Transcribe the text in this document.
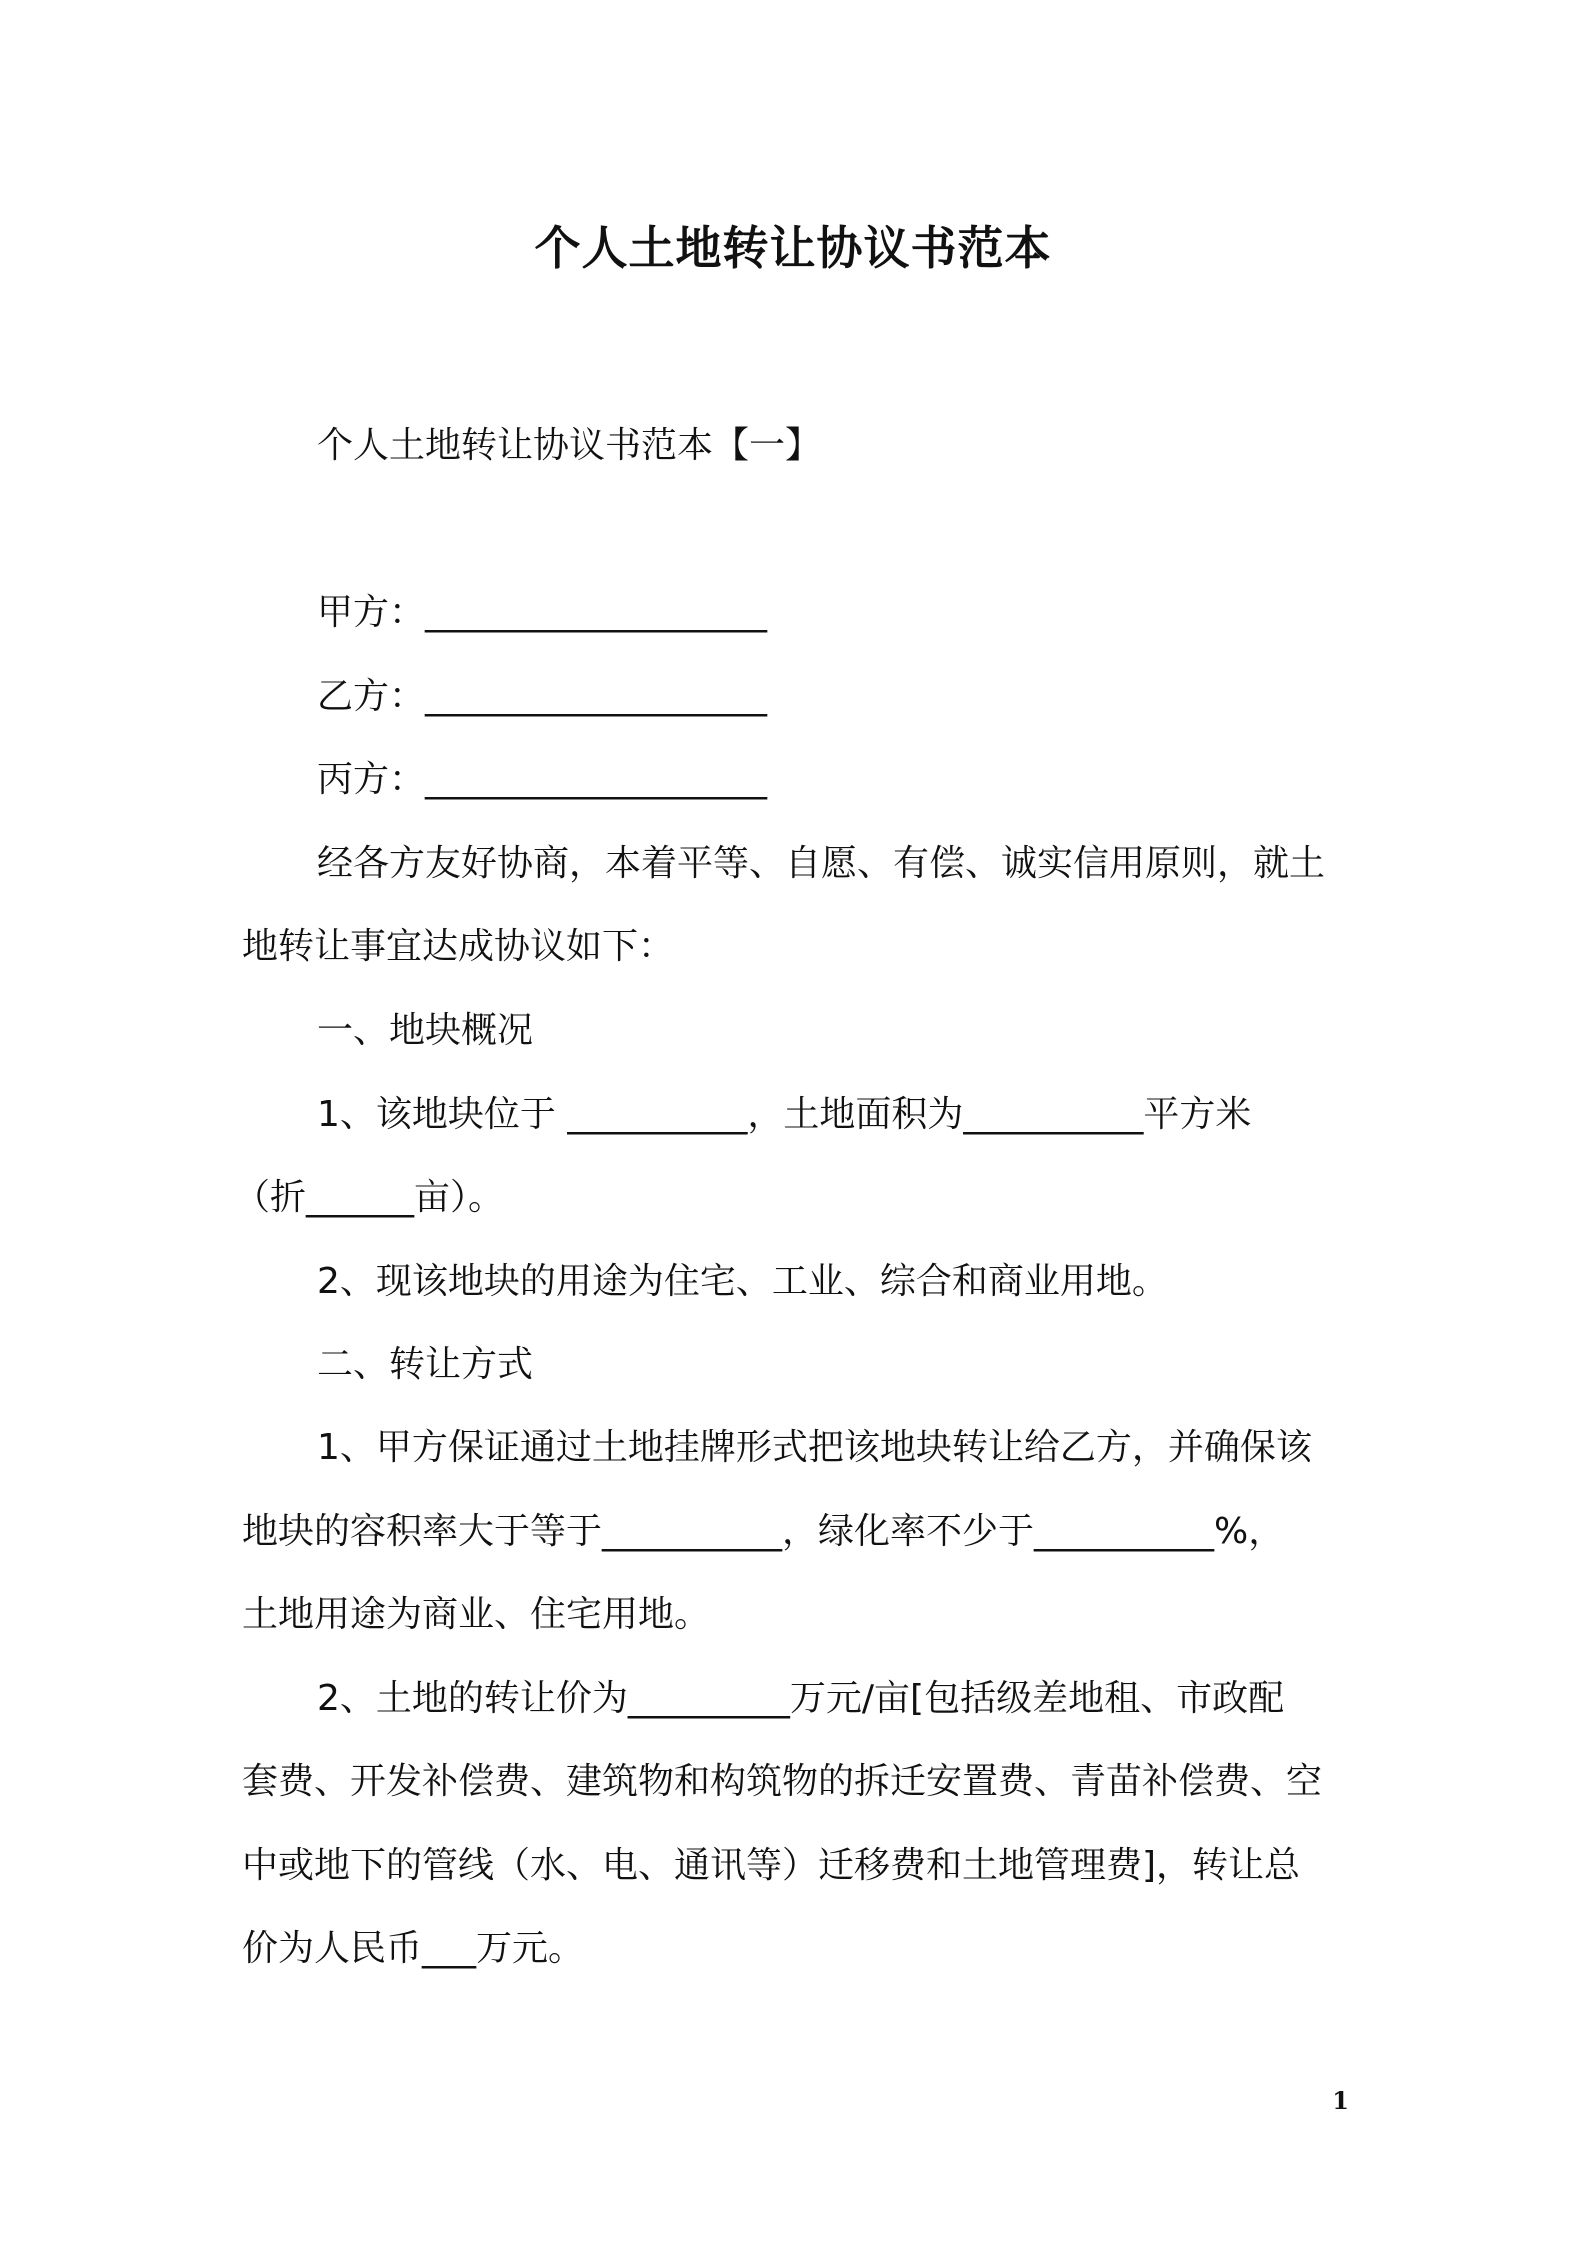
个人土地转让协议书范本
个人土地转让协议书范本【一】
甲方：___________________
乙方：___________________
丙方：___________________
经各方友好协商，本着平等、自愿、有偿、诚实信用原则，就土
地转让事宜达成协议如下：
一、地块概况
1、该地块位于 __________，土地面积为__________平方米
（折______亩）。
2、现该地块的用途为住宅、工业、综合和商业用地。
二、转让方式
1、甲方保证通过土地挂牌形式把该地块转让给乙方，并确保该
地块的容积率大于等于__________，绿化率不少于__________%，
土地用途为商业、住宅用地。
2、土地的转让价为_________万元/亩[包括级差地租、市政配
套费、开发补偿费、建筑物和构筑物的拆迁安置费、青苗补偿费、空
中或地下的管线（水、电、通讯等）迁移费和土地管理费]，转让总
价为人民币___万元。
1
